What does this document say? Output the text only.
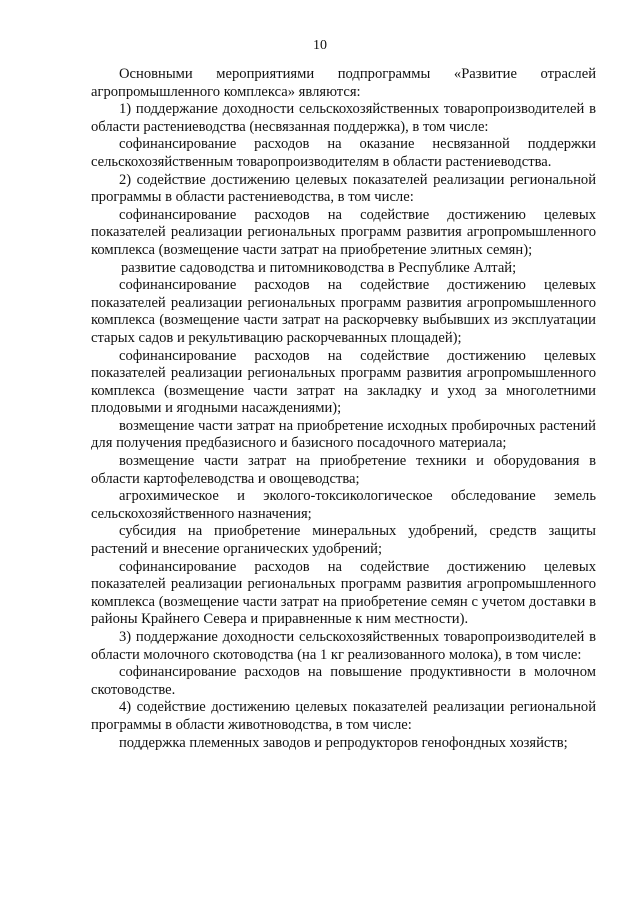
10

Основными мероприятиями подпрограммы «Развитие отраслей агропромышленного комплекса» являются:

1) поддержание доходности сельскохозяйственных товаропроизводителей в области растениеводства (несвязанная поддержка), в том числе:

софинансирование расходов на оказание несвязанной поддержки сельскохозяйственным товаропроизводителям в области растениеводства.

2) содействие достижению целевых показателей реализации региональной программы в области растениеводства, в том числе:

софинансирование расходов на содействие достижению целевых показателей реализации региональных программ развития агропромышленного комплекса (возмещение части затрат на приобретение элитных семян);

развитие садоводства и питомниководства в Республике Алтай;

софинансирование расходов на содействие достижению целевых показателей реализации региональных программ развития агропромышленного комплекса (возмещение части затрат на раскорчевку выбывших из эксплуатации старых садов и рекультивацию раскорчеванных площадей);

софинансирование расходов на содействие достижению целевых показателей реализации региональных программ развития агропромышленного комплекса (возмещение части затрат на закладку и уход за многолетними плодовыми и ягодными насаждениями);

возмещение части затрат на приобретение исходных пробирочных растений для получения предбазисного и базисного посадочного материала;

возмещение части затрат на приобретение техники и оборудования в области картофелеводства и овощеводства;

агрохимическое и эколого-токсикологическое обследование земель сельскохозяйственного назначения;

субсидия на приобретение минеральных удобрений, средств защиты растений и внесение органических удобрений;

софинансирование расходов на содействие достижению целевых показателей реализации региональных программ развития агропромышленного комплекса (возмещение части затрат на приобретение семян с учетом доставки в районы Крайнего Севера и приравненные к ним местности).

3) поддержание доходности сельскохозяйственных товаропроизводителей в области молочного скотоводства (на 1 кг реализованного молока), в том числе:

софинансирование расходов на повышение продуктивности в молочном скотоводстве.

4) содействие достижению целевых показателей реализации региональной программы в области животноводства, в том числе:

поддержка племенных заводов и репродукторов генофондных хозяйств;
